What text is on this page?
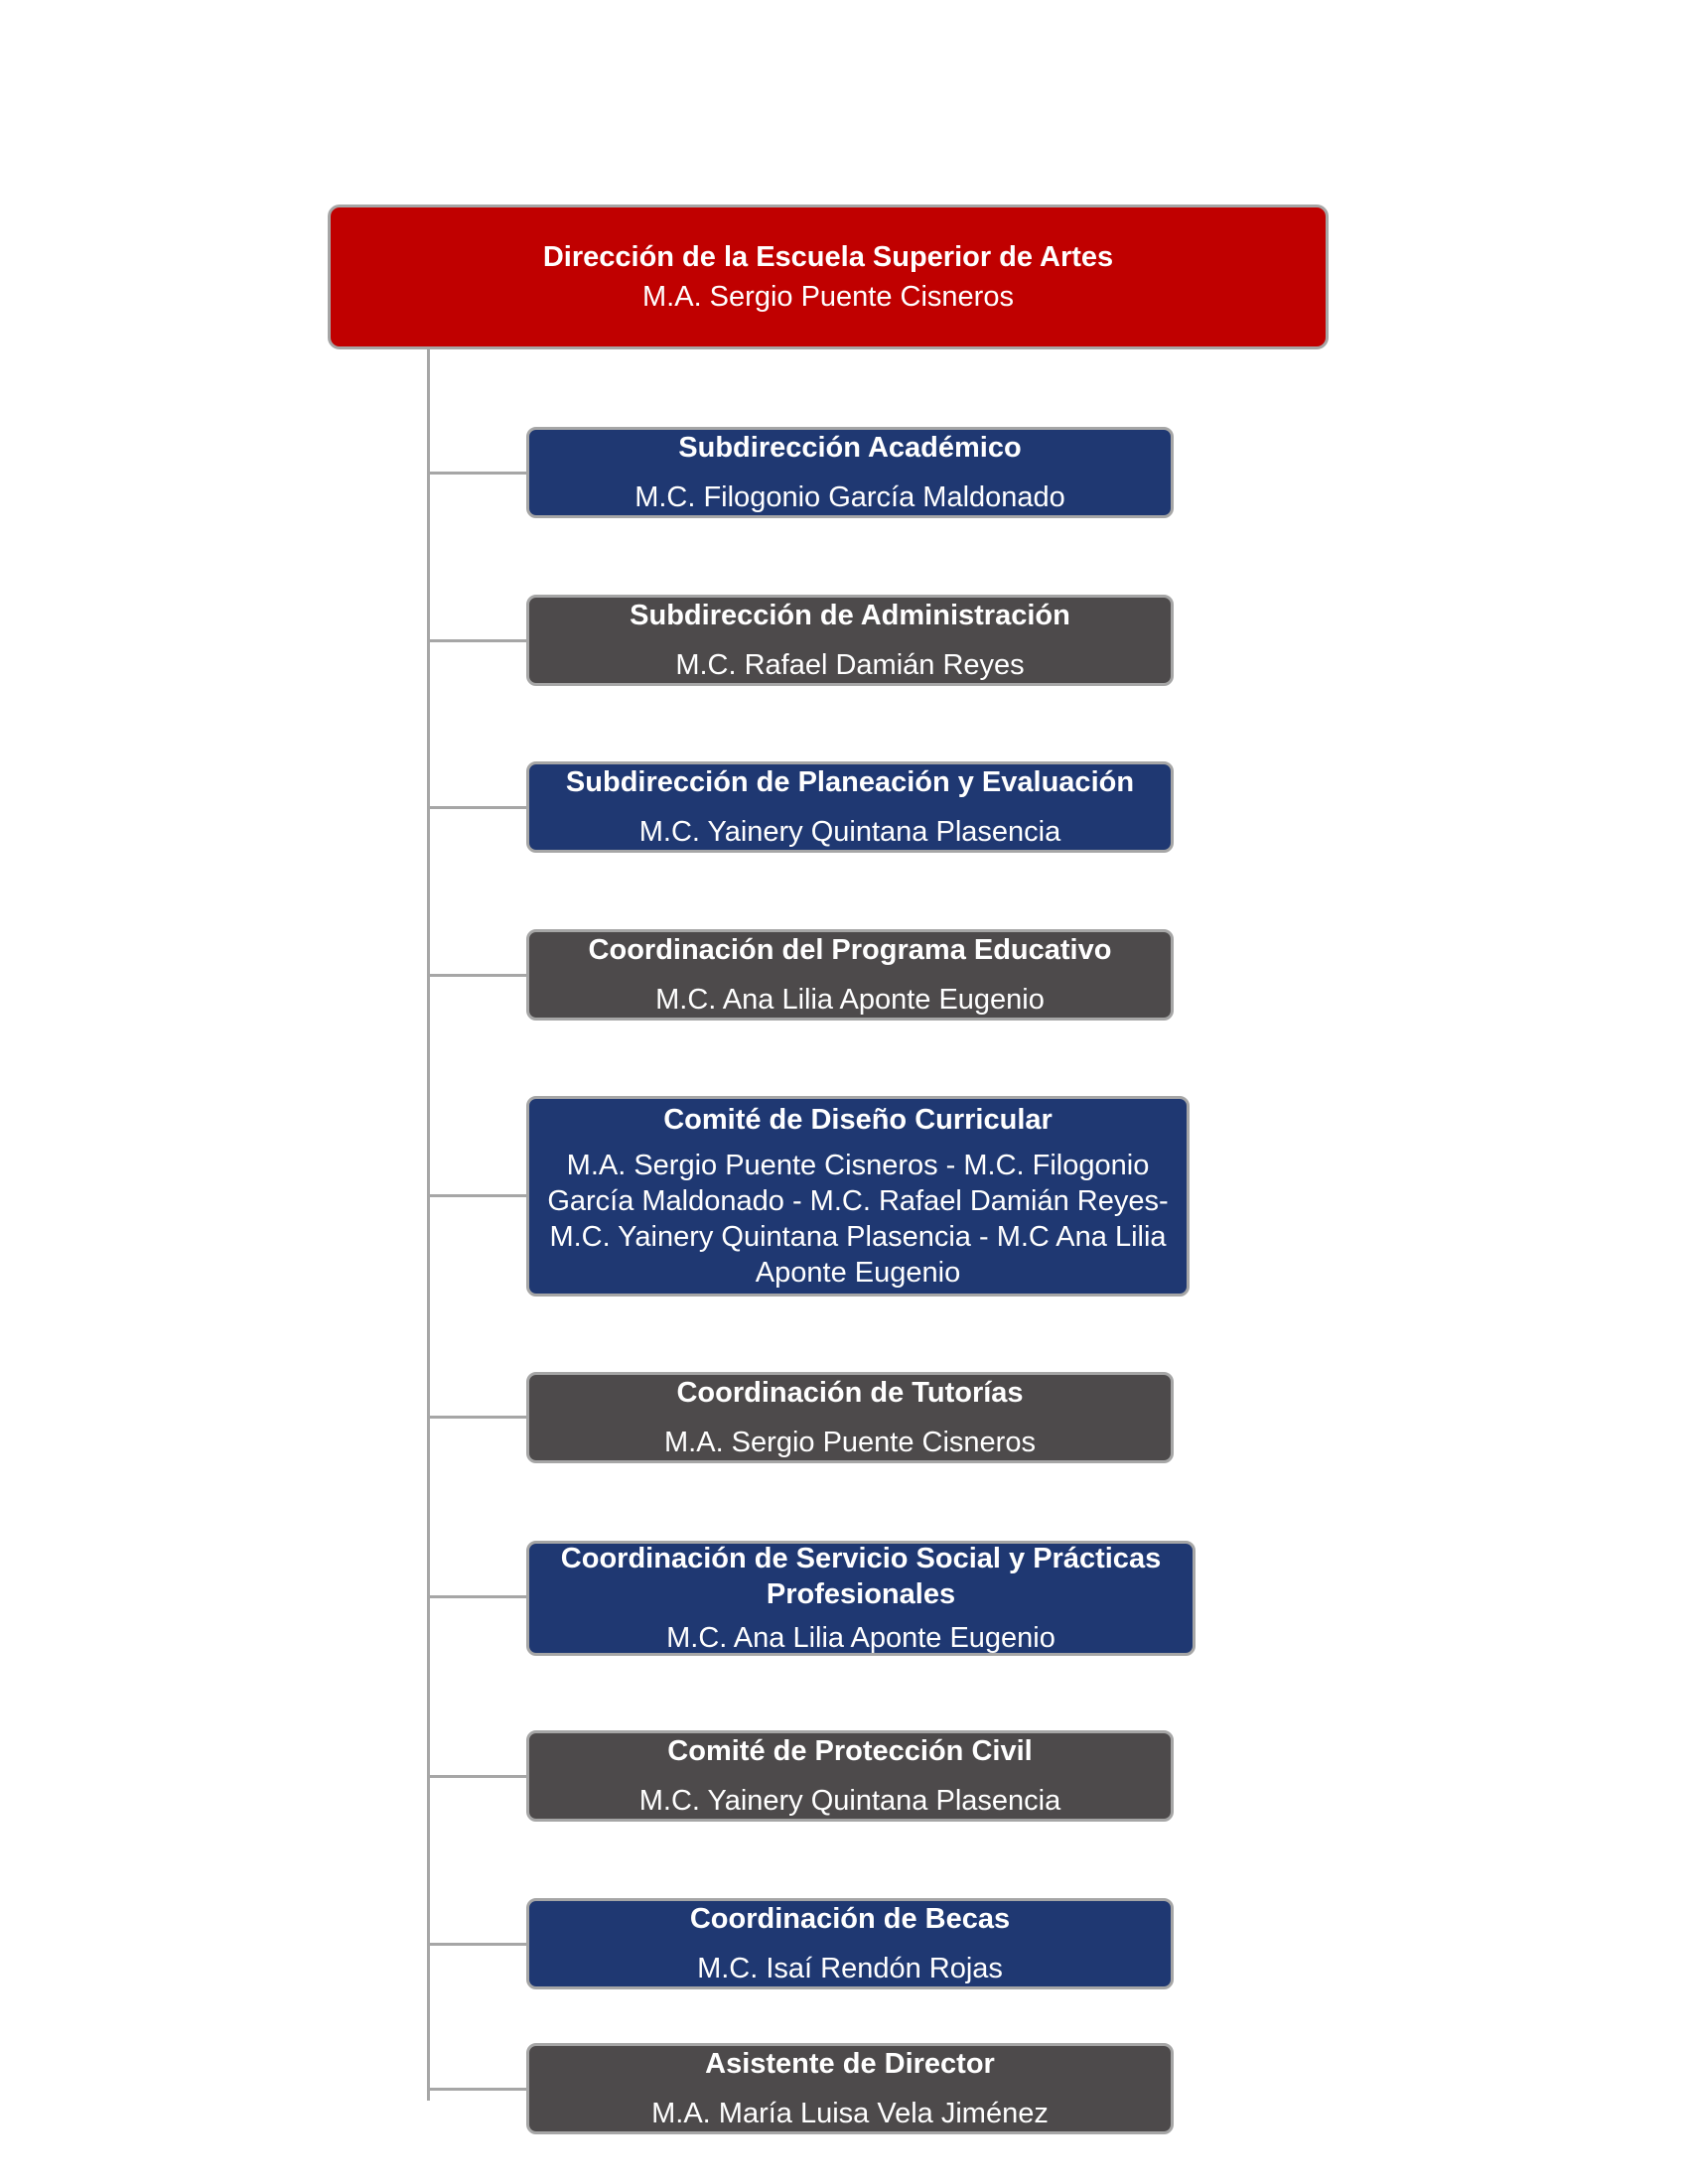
Dirección de la Escuela Superior de Artes
M.A. Sergio Puente Cisneros
Subdirección Académico
M.C. Filogonio García Maldonado
Subdirección de Administración
M.C. Rafael Damián Reyes
Subdirección de Planeación y Evaluación
M.C. Yainery Quintana Plasencia
Coordinación del Programa Educativo
M.C. Ana Lilia Aponte Eugenio
Comité de Diseño Curricular
M.A. Sergio Puente Cisneros - M.C. Filogonio García Maldonado - M.C. Rafael Damián Reyes- M.C. Yainery Quintana Plasencia - M.C Ana Lilia Aponte Eugenio
Coordinación de Tutorías
M.A. Sergio Puente Cisneros
Coordinación de Servicio Social y Prácticas Profesionales
M.C. Ana Lilia Aponte Eugenio
Comité de Protección Civil
M.C. Yainery Quintana Plasencia
Coordinación de Becas
M.C. Isaí Rendón Rojas
Asistente de Director
M.A. María Luisa Vela Jiménez
